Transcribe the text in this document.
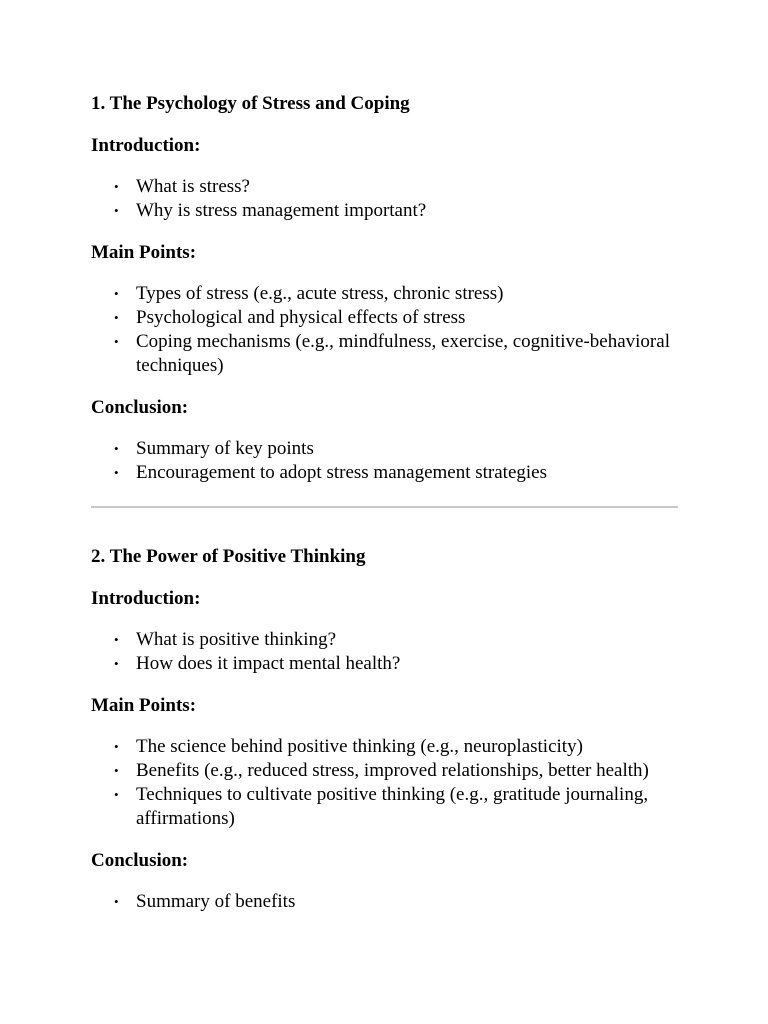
1. The Psychology of Stress and Coping
Introduction:
• What is stress?
• Why is stress management important?
Main Points:
• Types of stress (e.g., acute stress, chronic stress)
• Psychological and physical effects of stress
• Coping mechanisms (e.g., mindfulness, exercise, cognitive-behavioral techniques)
Conclusion:
• Summary of key points
• Encouragement to adopt stress management strategies
2. The Power of Positive Thinking
Introduction:
• What is positive thinking?
• How does it impact mental health?
Main Points:
• The science behind positive thinking (e.g., neuroplasticity)
• Benefits (e.g., reduced stress, improved relationships, better health)
• Techniques to cultivate positive thinking (e.g., gratitude journaling, affirmations)
Conclusion:
• Summary of benefits
